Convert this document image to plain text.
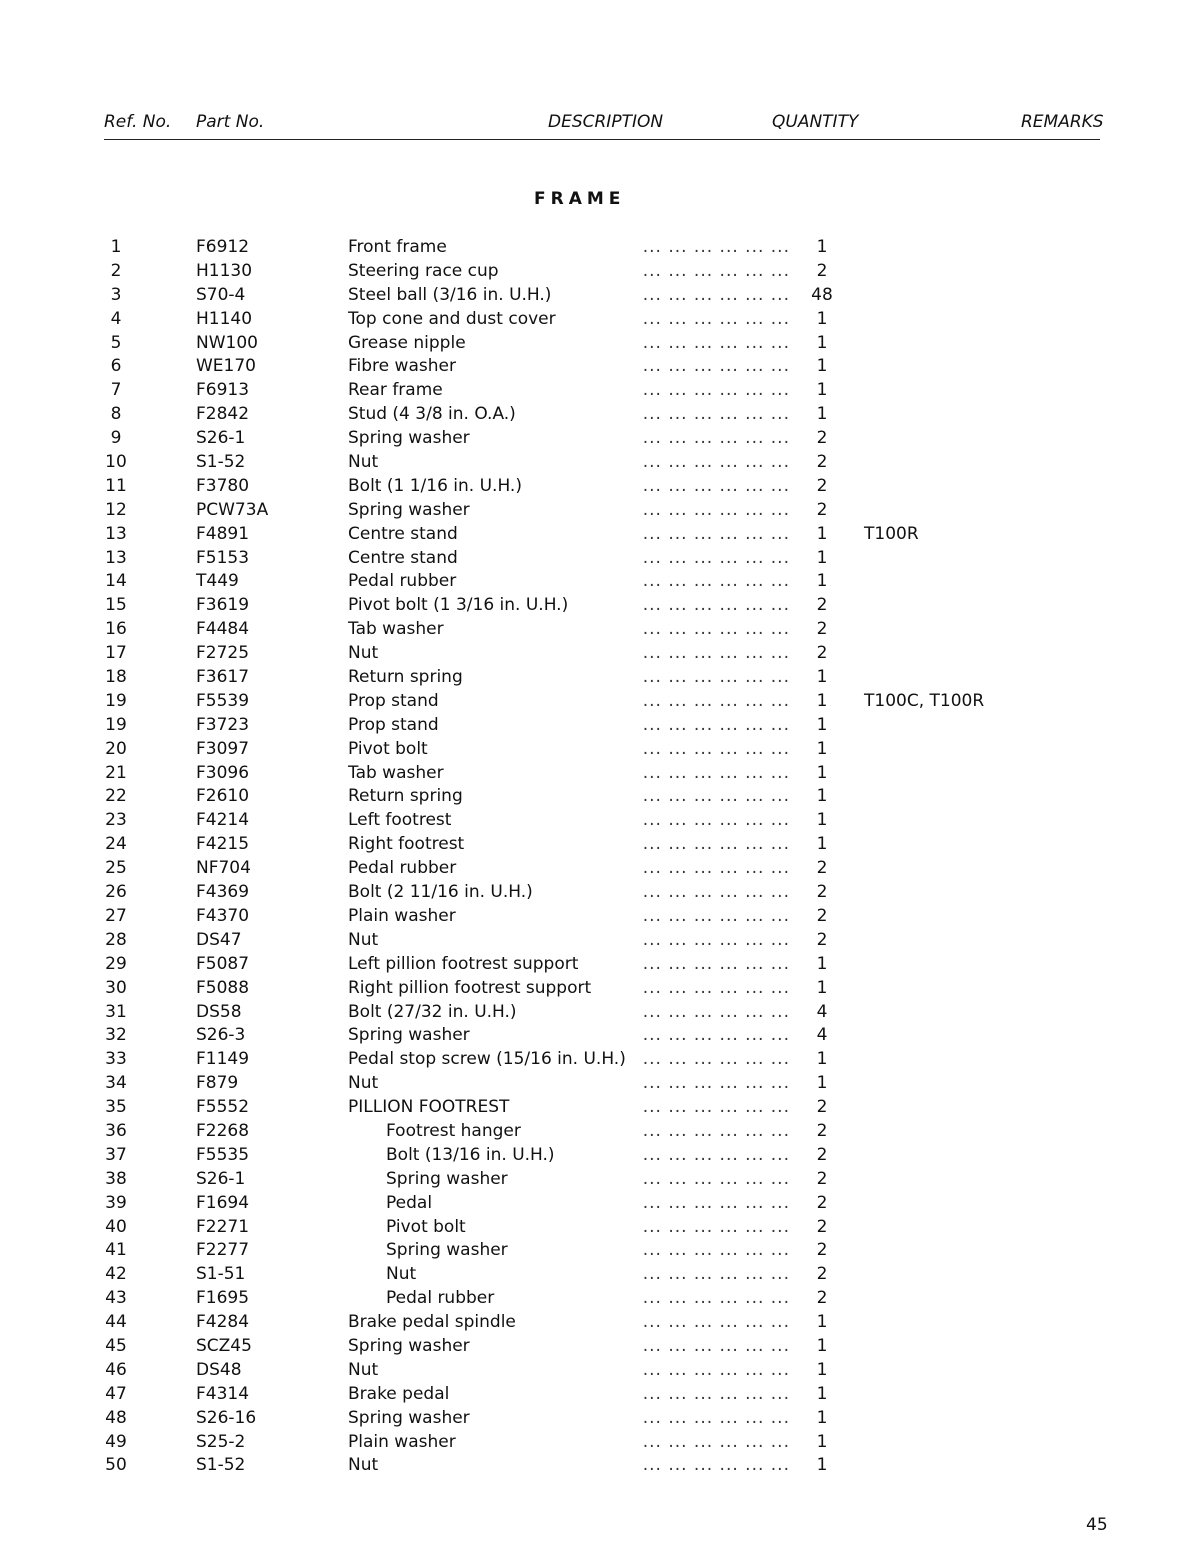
Ref. No. Part No.	DESCRIPTION	QUANTITY	REMARKS
FRAME
1	F6912	Front frame	1
... ... ... ... ... ...
2	H1130	Steering race cup	2
... ... ... ... ... ...
3	S70-4	Steel ball (3/16 in. U.H.)	48
... ... ... ... ... ...
4	H1140	Top cone and dust cover	1
... ... ... ... ... ...
5	NW100	Grease nipple	1
... ... ... ... ... ...
6	WE170	Fibre washer	1
... ... ... ... ... ...
7	F6913	Rear frame	1
... ... ... ... ... ...
8	F2842	Stud (4 3/8 in. O.A.)	1
... ... ... ... ... ...
9	S26-1	Spring washer	2
... ... ... ... ... ...
10	S1-52	Nut	2
... ... ... ... ... ...
11	F3780	Bolt (1 1/16 in. U.H.)	2
... ... ... ... ... ...
12	PCW73A	Spring washer	2
... ... ... ... ... ...
13	F4891	Centre stand	1	T100R
... ... ... ... ... ...
13	F5153	Centre stand	1
... ... ... ... ... ...
14	T449	Pedal rubber	1
... ... ... ... ... ...
15	F3619	Pivot bolt (1 3/16 in. U.H.)	2
... ... ... ... ... ...
16	F4484	Tab washer	2
... ... ... ... ... ...
17	F2725	Nut	2
... ... ... ... ... ...
18	F3617	Return spring	1
... ... ... ... ... ...
19	F5539	Prop stand	1	T100C, T100R
... ... ... ... ... ...
19	F3723	Prop stand	1
... ... ... ... ... ...
20	F3097	Pivot bolt	1
... ... ... ... ... ...
21	F3096	Tab washer	1
... ... ... ... ... ...
22	F2610	Return spring	1
... ... ... ... ... ...
23	F4214	Left footrest	1
... ... ... ... ... ...
24	F4215	Right footrest	1
... ... ... ... ... ...
25	NF704	Pedal rubber	2
... ... ... ... ... ...
26	F4369	Bolt (2 11/16 in. U.H.)	2
... ... ... ... ... ...
27	F4370	Plain washer	2
... ... ... ... ... ...
28	DS47	Nut	2
... ... ... ... ... ...
29	F5087	Left pillion footrest support	1
... ... ... ... ... ...
30	F5088	Right pillion footrest support	1
... ... ... ... ... ...
31	DS58	Bolt (27/32 in. U.H.)	4
... ... ... ... ... ...
32	S26-3	Spring washer	4
... ... ... ... ... ...
33	F1149	Pedal stop screw (15/16 in. U.H.)	1
... ... ... ... ... ...
34	F879	Nut	1
... ... ... ... ... ...
35	F5552	PILLION FOOTREST	2
... ... ... ... ... ...
36	F2268	Footrest hanger	2
... ... ... ... ... ...
37	F5535	Bolt (13/16 in. U.H.)	2
... ... ... ... ... ...
38	S26-1	Spring washer	2
... ... ... ... ... ...
39	F1694	Pedal	2
... ... ... ... ... ...
40	F2271	Pivot bolt	2
... ... ... ... ... ...
41	F2277	Spring washer	2
... ... ... ... ... ...
42	S1-51	Nut	2
... ... ... ... ... ...
43	F1695	Pedal rubber	2
... ... ... ... ... ...
44	F4284	Brake pedal spindle	1
... ... ... ... ... ...
45	SCZ45	Spring washer	1
... ... ... ... ... ...
46	DS48	Nut	1
... ... ... ... ... ...
47	F4314	Brake pedal	1
... ... ... ... ... ...
48	S26-16	Spring washer	1
... ... ... ... ... ...
49	S25-2	Plain washer	1
... ... ... ... ... ...
50	S1-52	Nut	1
... ... ... ... ... ...
45
